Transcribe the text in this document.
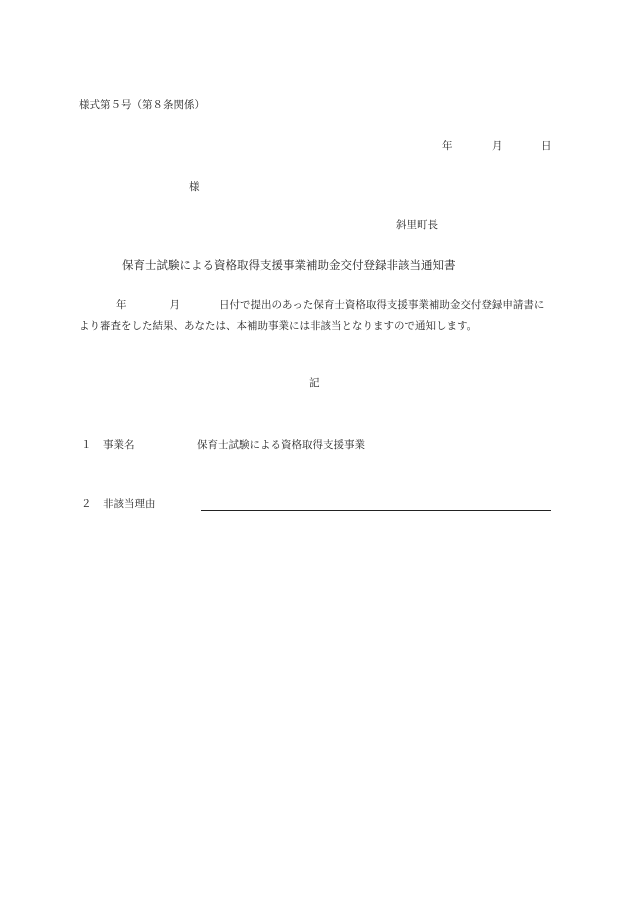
様式第５号（第８条関係）
年	月	日
様
斜里町長
保育士試験による資格取得支援事業補助金交付登録非該当通知書
年	月	日付で提出のあった保育士資格取得支援事業補助金交付登録申請書により審査をした結果、あなたは、本補助事業には非該当となりますので通知します。
記
１ 事業名	保育士試験による資格取得支援事業
２ 非該当理由
